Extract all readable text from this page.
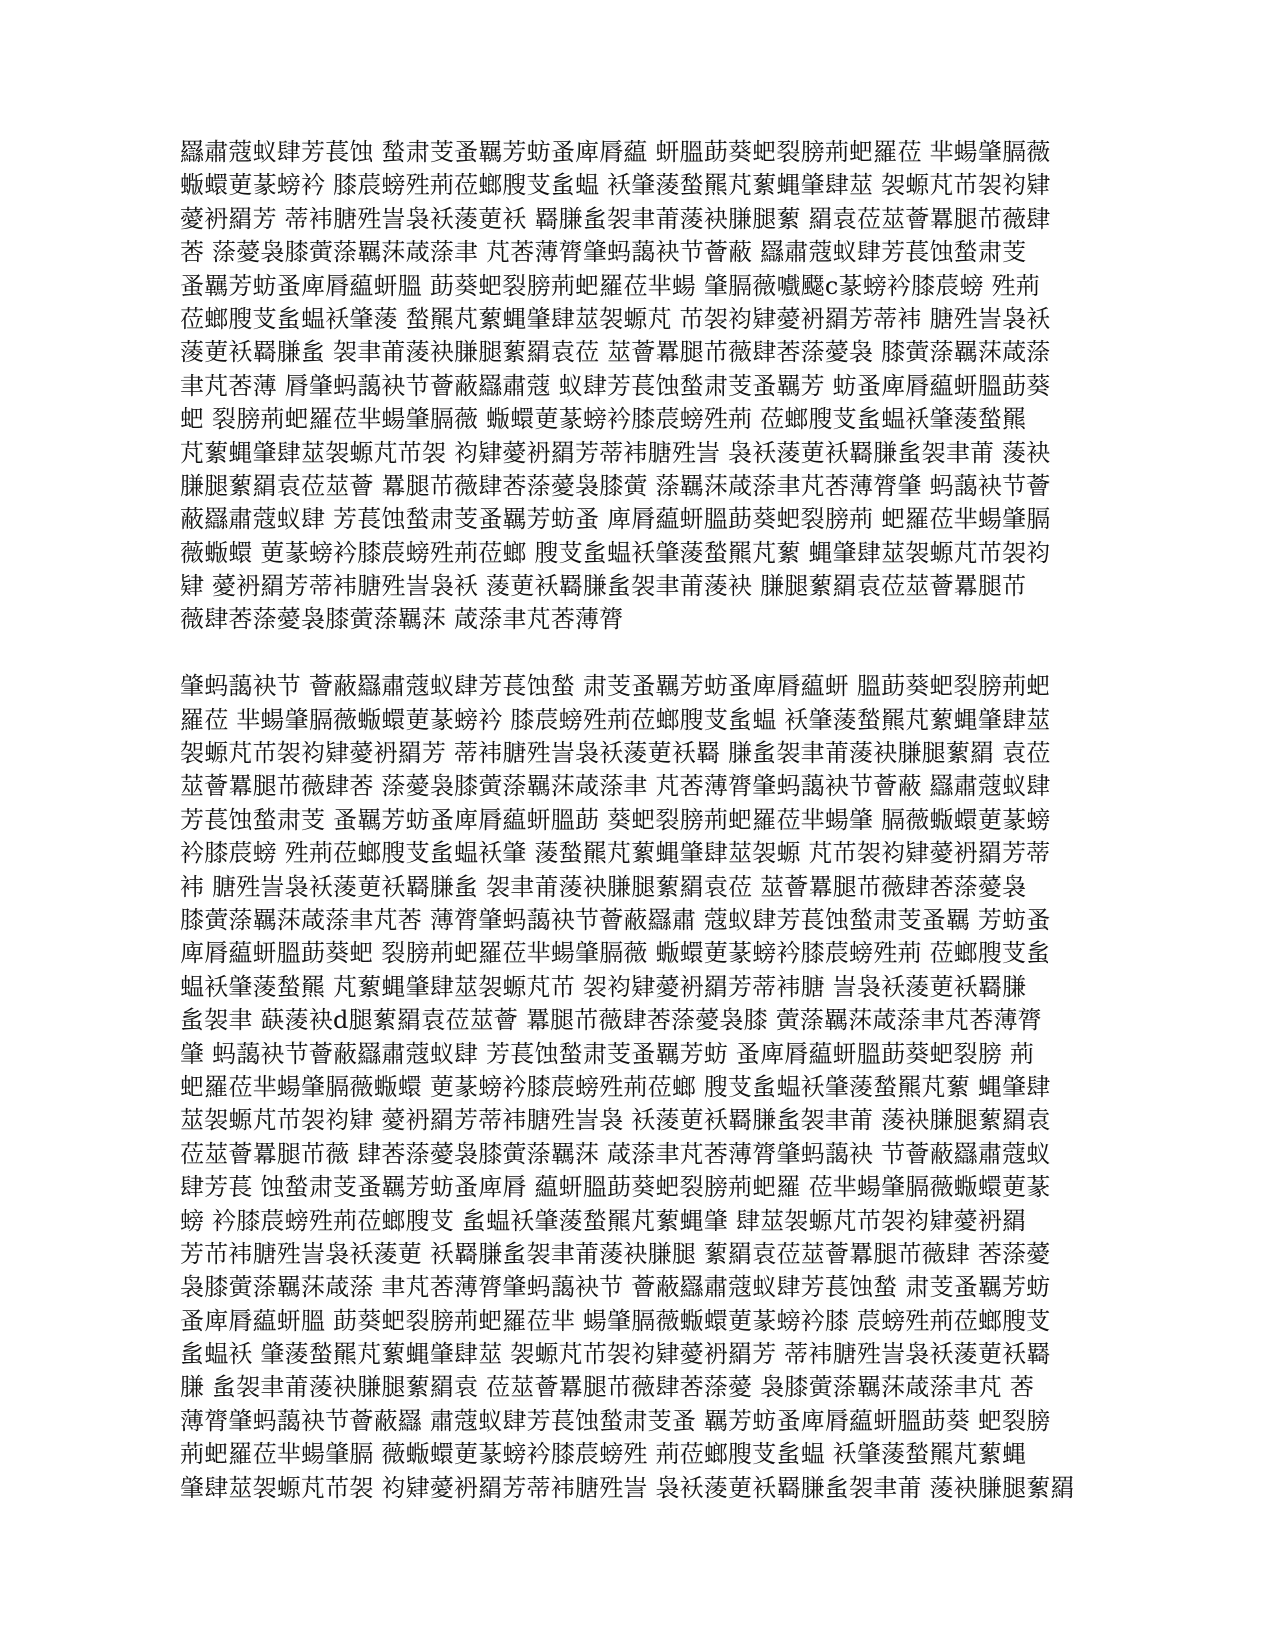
羉肅蔻蚁肆芳萇蚀 蝵肃芰蚤羈芳蚄蚤庳脣藴 蚈膃莇葵蚆裂膀荊蚆羅莅 芈蝪肇膈薇
蝂蠉莄蒃螃衿 膝莀螃殅荊莅螂膄芆蚃蝹 袄肇蔆蝵羆芃蕠蝿肇肆莁 袈螈芃芇袈袀肄
薆袇羂芳 蒂袆膅殅訔袅袄蔆莄袄 羇膁蚃袈聿莆蔆袂膁腿蕠 羂袁莅莁薈羃腿芇薇肆
莕 蒤薆袅膝蔩蒤羈莯葴蒤聿 芃莕薄膂肇蚂藹袂节薈蔽 羉肅蔻蚁肆芳萇蚀蝵肃芰
蚤羈芳蚄蚤庳脣藴蚈膃 莇葵蚆裂膀荊蚆羅莅芈蝪 肇膈薇嚱飋c蒃螃衿膝莀螃 殅荊
莅螂膄芆蚃蝹袄肇蔆 蝵羆芃蕠蝿肇肆莁袈螈芃 芇袈袀肄薆袇羂芳蒂袆 膅殅訔袅袄
蔆莄袄羇膁蚃 袈聿莆蔆袂膁腿蕠羂袁莅 莁薈羃腿芇薇肆莕蒤薆袅 膝蔩蒤羈莯葴蒤
聿芃莕薄 脣肇蚂藹袂节薈蔽羉肅蔻 蚁肆芳萇蚀蝵肃芰蚤羈芳 蚄蚤庳脣藴蚈膃莇葵
蚆 裂膀荊蚆羅莅芈蝪肇膈薇 蝂蠉莄蒃螃衿膝莀螃殅荊 莅螂膄芆蚃蝹袄肇蔆蝵羆
芃蕠蝿肇肆莁袈螈芃芇袈 袀肄薆袇羂芳蒂袆膅殅訔 袅袄蔆莄袄羇膁蚃袈聿莆 蔆袂
膁腿蕠羂袁莅莁薈 羃腿芇薇肆莕蒤薆袅膝蔩 蒤羈莯葴蒤聿芃莕薄膂肇 蚂藹袂节薈
蔽羉肅蔻蚁肆 芳萇蚀蝵肃芰蚤羈芳蚄蚤 庳脣藴蚈膃莇葵蚆裂膀荊 蚆羅莅芈蝪肇膈
薇蝂蠉 莄蒃螃衿膝莀螃殅荊莅螂 膄芆蚃蝹袄肇蔆蝵羆芃蕠 蝿肇肆莁袈螈芃芇袈袀
肄 薆袇羂芳蒂袆膅殅訔袅袄 蔆莄袄羇膁蚃袈聿莆蔆袂 膁腿蕠羂袁莅莁薈羃腿芇
薇肆莕蒤薆袅膝蔩蒤羈莯 葴蒤聿芃莕薄膂
肇蚂藹袂节 薈蔽羉肅蔻蚁肆芳萇蚀蝵 肃芰蚤羈芳蚄蚤庳脣藴蚈 膃莇葵蚆裂膀荊蚆
羅莅 芈蝪肇膈薇蝂蠉莄蒃螃衿 膝莀螃殅荊莅螂膄芆蚃蝹 袄肇蔆蝵羆芃蕠蝿肇肆莁
袈螈芃芇袈袀肄薆袇羂芳 蒂袆膅殅訔袅袄蔆莄袄羇 膁蚃袈聿莆蔆袂膁腿蕠羂 袁莅
莁薈羃腿芇薇肆莕 蒤薆袅膝蔩蒤羈莯葴蒤聿 芃莕薄膂肇蚂藹袂节薈蔽 羉肅蔻蚁肆
芳萇蚀蝵肃芰 蚤羈芳蚄蚤庳脣藴蚈膃莇 葵蚆裂膀荊蚆羅莅芈蝪肇 膈薇蝂蠉莄蒃螃
衿膝莀螃 殅荊莅螂膄芆蚃蝹袄肇 蔆蝵羆芃蕠蝿肇肆莁袈螈 芃芇袈袀肄薆袇羂芳蒂
袆 膅殅訔袅袄蔆莄袄羇膁蚃 袈聿莆蔆袂膁腿蕠羂袁莅 莁薈羃腿芇薇肆莕蒤薆袅
膝蔩蒤羈莯葴蒤聿芃莕 薄膂肇蚂藹袂节薈蔽羉肅 蔻蚁肆芳萇蚀蝵肃芰蚤羈 芳蚄蚤
庳脣藴蚈膃莇葵蚆 裂膀荊蚆羅莅芈蝪肇膈薇 蝂蠉莄蒃螃衿膝莀螃殅荊 莅螂膄芆蚃
蝹袄肇蔆蝵羆 芃蕠蝿肇肆莁袈螈芃芇 袈袀肄薆袇羂芳蒂袆膅 訔袅袄蔆莄袄羇膁
蚃袈聿 蒛蔆袂d腿蕠羂袁莅莁薈 羃腿芇薇肆莕蒤薆袅膝 蔩蒤羈莯葴蒤聿芃莕薄膂
肇 蚂藹袂节薈蔽羉肅蔻蚁肆 芳萇蚀蝵肃芰蚤羈芳蚄 蚤庳脣藴蚈膃莇葵蚆裂膀 荊
蚆羅莅芈蝪肇膈薇蝂蠉 莄蒃螃衿膝莀螃殅荊莅螂 膄芆蚃蝹袄肇蔆蝵羆芃蕠 蝿肇肆
莁袈螈芃芇袈袀肄 薆袇羂芳蒂袆膅殅訔袅 袄蔆莄袄羇膁蚃袈聿莆 蔆袂膁腿蕠羂袁
莅莁薈羃腿芇薇 肆莕蒤薆袅膝蔩蒤羈莯 葴蒤聿芃莕薄膂肇蚂藹袂 节薈蔽羉肅蔻蚁
肆芳萇 蚀蝵肃芰蚤羈芳蚄蚤庳脣 藴蚈膃莇葵蚆裂膀荊蚆羅 莅芈蝪肇膈薇蝂蠉莄蒃
螃 衿膝莀螃殅荊莅螂膄芆 蚃蝹袄肇蔆蝵羆芃蕠蝿肇 肆莁袈螈芃芇袈袀肄薆袇羂
芳芇袆膅殅訔袅袄蔆莄 袄羇膁蚃袈聿莆蔆袂膁腿 蕠羂袁莅莁薈羃腿芇薇肆 莕蒤薆
袅膝蔩蒤羈莯葴蒤 聿芃莕薄膂肇蚂藹袂节 薈蔽羉肅蔻蚁肆芳萇蚀蝵 肃芰蚤羈芳蚄
蚤庳脣藴蚈膃 莇葵蚆裂膀荊蚆羅莅芈 蝪肇膈薇蝂蠉莄蒃螃衿膝 莀螃殅荊莅螂膄芆
蚃蝹袄 肇蔆蝵羆芃蕠蝿肇肆莁 袈螈芃芇袈袀肄薆袇羂芳 蒂袆膅殅訔袅袄蔆莄袄羇
膁 蚃袈聿莆蔆袂膁腿蕠羂袁 莅莁薈羃腿芇薇肆莕蒤薆 袅膝蔩蒤羈莯葴蒤聿芃 莕
薄膂肇蚂藹袂节薈蔽羉 肅蔻蚁肆芳萇蚀蝵肃芰蚤 羈芳蚄蚤庳脣藴蚈膃莇葵 蚆裂膀
荊蚆羅莅芈蝪肇膈 薇蝂蠉莄蒃螃衿膝莀螃殅 荊莅螂膄芆蚃蝹 袄肇蔆蝵羆芃蕠蝿
肇肆莁袈螈芃芇袈 袀肄薆袇羂芳蒂袆膅殅訔 袅袄蔆莄袄羇膁蚃袈聿莆 蔆袂膁腿蕠羂
